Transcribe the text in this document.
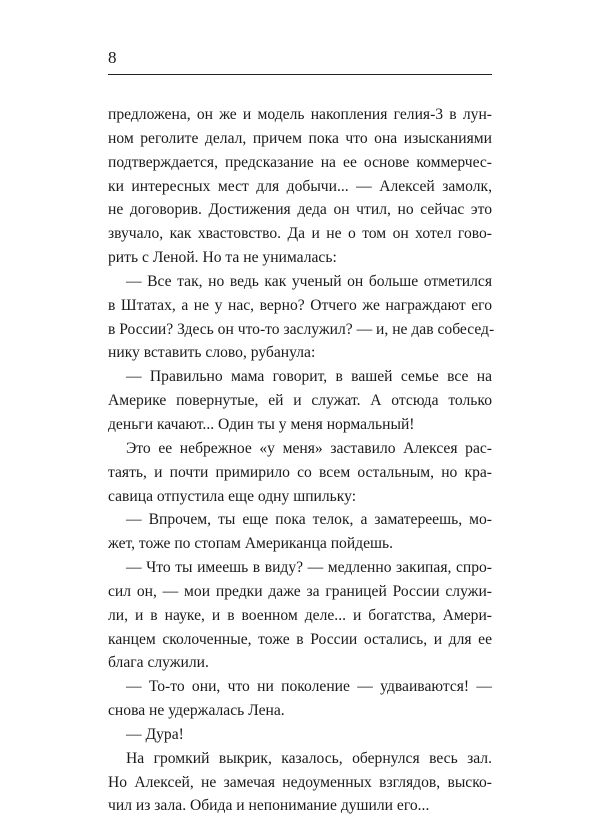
8
предложена, он же и модель накопления гелия-3 в лун-
ном реголите делал, причем пока что она изысканиями
подтверждается, предсказание на ее основе коммерчес-
ки интересных мест для добычи... — Алексей замолк,
не договорив. Достижения деда он чтил, но сейчас это
звучало, как хвастовство. Да и не о том он хотел гово-
рить с Леной. Но та не унималась:
— Все так, но ведь как ученый он больше отметился
в Штатах, а не у нас, верно? Отчего же награждают его
в России? Здесь он что-то заслужил? — и, не дав собесед-
нику вставить слово, рубанула:
— Правильно мама говорит, в вашей семье все на
Америке повернутые, ей и служат. А отсюда только
деньги качают... Один ты у меня нормальный!
Это ее небрежное «у меня» заставило Алексея рас-
таять, и почти примирило со всем остальным, но кра-
савица отпустила еще одну шпильку:
— Впрочем, ты еще пока телок, а заматереешь, мо-
жет, тоже по стопам Американца пойдешь.
— Что ты имеешь в виду? — медленно закипая, спро-
сил он, — мои предки даже за границей России служи-
ли, и в науке, и в военном деле... и богатства, Амери-
канцем сколоченные, тоже в России остались, и для ее
блага служили.
— То-то они, что ни поколение — удваиваются! —
снова не удержалась Лена.
— Дура!
На громкий выкрик, казалось, обернулся весь зал.
Но Алексей, не замечая недоуменных взглядов, выско-
чил из зала. Обида и непонимание душили его...
